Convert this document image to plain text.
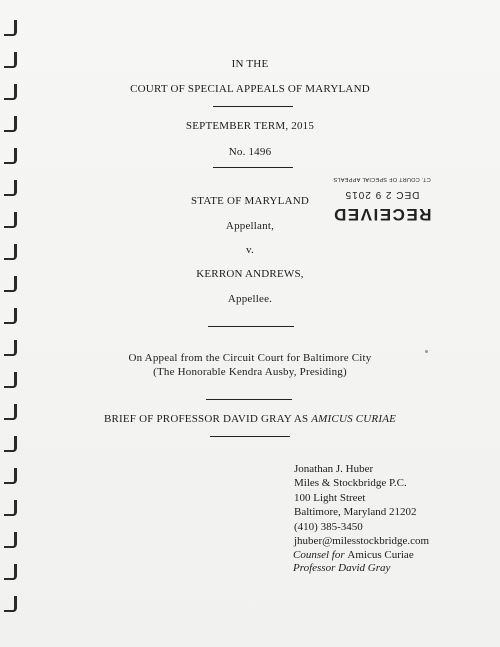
IN THE
COURT OF SPECIAL APPEALS OF MARYLAND
SEPTEMBER TERM, 2015
No. 1496
STATE OF MARYLAND
Appellant,
v.
KERRON ANDREWS,
Appellee.
On Appeal from the Circuit Court for Baltimore City
(The Honorable Kendra Ausby, Presiding)
BRIEF OF PROFESSOR DAVID GRAY AS AMICUS CURIAE
Jonathan J. Huber
Miles & Stockbridge P.C.
100 Light Street
Baltimore, Maryland 21202
(410) 385-3450
jhuber@milesstockbridge.com
Counsel for Amicus Curiae
Professor David Gray
RECEIVED
DEC 2 9 2015
CT. COURT OF SPECIAL APPEALS
